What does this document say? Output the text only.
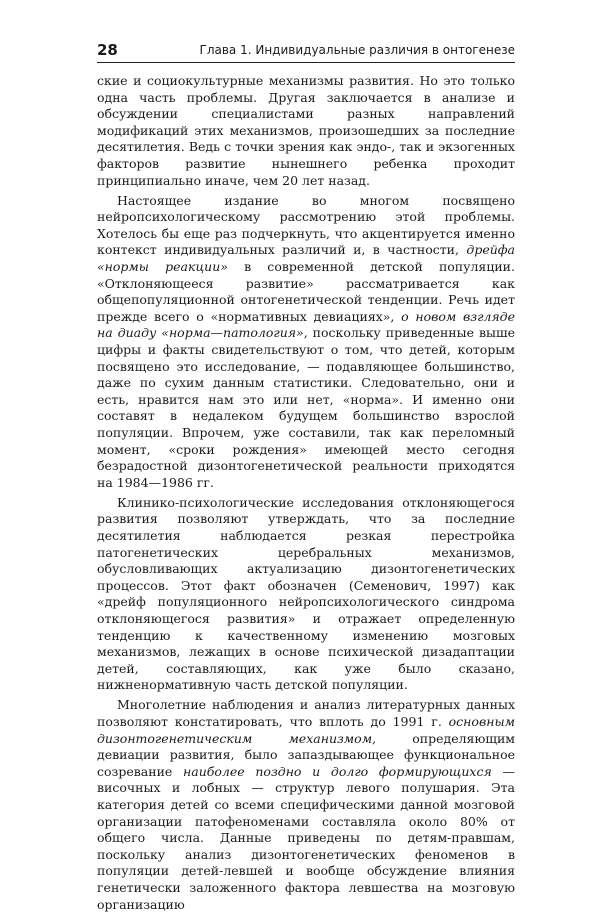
28	Глава 1. Индивидуальные различия в онтогенезе

ские и социокультурные механизмы развития. Но это только одна часть проблемы. Другая заключается в анализе и обсуждении специалистами разных направлений модификаций этих механизмов, произошедших за последние десятилетия. Ведь с точки зрения как эндо-, так и экзогенных факторов развитие нынешнего ребенка проходит принципиально иначе, чем 20 лет назад.

Настоящее издание во многом посвящено нейропсихологическому рассмотрению этой проблемы. Хотелось бы еще раз подчеркнуть, что акцентируется именно контекст индивидуальных различий и, в частности, дрейфа «нормы реакции» в современной детской популяции. «Отклоняющееся развитие» рассматривается как общепопуляционной онтогенетической тенденции. Речь идет прежде всего о «нормативных девиациях», о новом взгляде на диаду «норма—патология», поскольку приведенные выше цифры и факты свидетельствуют о том, что детей, которым посвящено это исследование, — подавляющее большинство, даже по сухим данным статистики. Следовательно, они и есть, нравится нам это или нет, «норма». И именно они составят в недалеком будущем большинство взрослой популяции. Впрочем, уже составили, так как переломный момент, «сроки рождения» имеющей место сегодня безрадостной дизонтогенетической реальности приходятся на 1984—1986 гг.

Клинико-психологические исследования отклоняющегося развития позволяют утверждать, что за последние десятилетия наблюдается резкая перестройка патогенетических церебральных механизмов, обусловливающих актуализацию дизонтогенетических процессов. Этот факт обозначен (Семенович, 1997) как «дрейф популяционного нейропсихологического синдрома отклоняющегося развития» и отражает определенную тенденцию к качественному изменению мозговых механизмов, лежащих в основе психической дизадаптации детей, составляющих, как уже было сказано, нижненормативную часть детской популяции.

Многолетние наблюдения и анализ литературных данных позволяют констатировать, что вплоть до 1991 г. основным дизонтогенетическим механизмом, определяющим девиации развития, было запаздывающее функциональное созревание наиболее поздно и долго формирующихся — височных и лобных — структур левого полушария. Эта категория детей со всеми специфическими данной мозговой организации патофеноменами составляла около 80% от общего числа. Данные приведены по детям-правшам, поскольку анализ дизонтогенетических феноменов в популяции детей-левшей и вообще обсуждение влияния генетически заложенного фактора левшества на мозговую организацию
